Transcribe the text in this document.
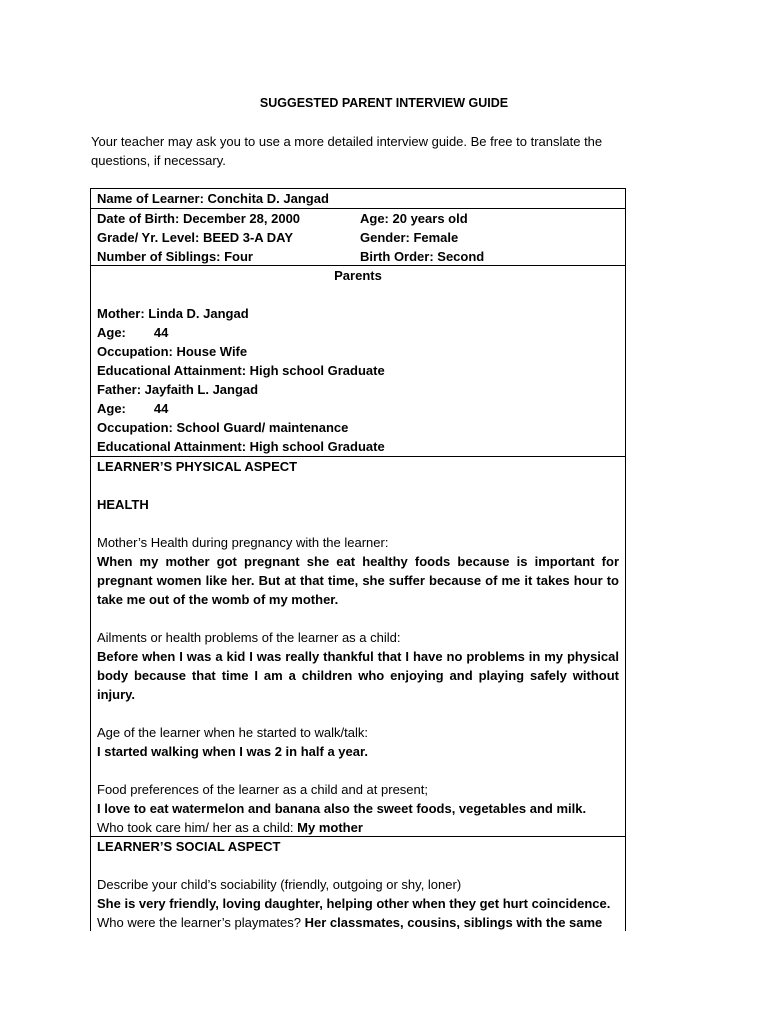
SUGGESTED PARENT INTERVIEW GUIDE
Your teacher may ask you to use a more detailed interview guide. Be free to translate the questions, if necessary.
Name of Learner: Conchita D. Jangad
Date of Birth: December 28, 2000	Age: 20 years old
Grade/ Yr. Level: BEED 3-A DAY	Gender: Female
Number of Siblings: Four	Birth Order: Second
Parents
Mother: Linda D. Jangad
Age: 44
Occupation: House Wife
Educational Attainment: High school Graduate
Father: Jayfaith L. Jangad
Age: 44
Occupation: School Guard/ maintenance
Educational Attainment: High school Graduate
LEARNER’S PHYSICAL ASPECT
HEALTH
Mother’s Health during pregnancy with the learner:
When my mother got pregnant she eat healthy foods because is important for pregnant women like her. But at that time, she suffer because of me it takes hour to take me out of the womb of my mother.
Ailments or health problems of the learner as a child:
Before when I was a kid I was really thankful that I have no problems in my physical body because that time I am a children who enjoying and playing safely without injury.
Age of the learner when he started to walk/talk:
I started walking when I was 2 in half a year.
Food preferences of the learner as a child and at present;
I love to eat watermelon and banana also the sweet foods, vegetables and milk.
Who took care him/ her as a child: My mother
LEARNER’S SOCIAL ASPECT
Describe your child’s sociability (friendly, outgoing or shy, loner)
She is very friendly, loving daughter, helping other when they get hurt coincidence.
Who were the learner’s playmates? Her classmates, cousins, siblings with the same
